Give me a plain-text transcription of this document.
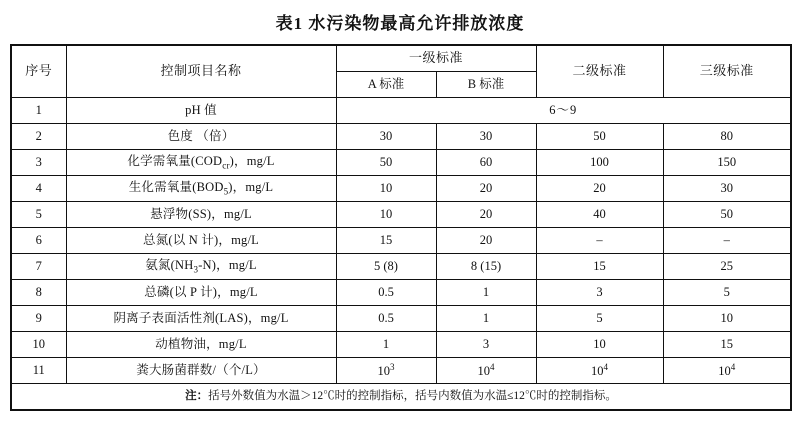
表1 水污染物最高允许排放浓度
序号	控制项目名称	一级标准		二级标准	三级标准
		A 标准	B 标准		
1	pH 值	6～9			
2	色度 （倍）	30	30	50	80
3	化学需氧量$(COD_{cr})$，mg/L	50	60	100	150
4	生化需氧量$(BOD_5)$，mg/L	10	20	20	30
5	悬浮物(SS)，mg/L	10	20	40	50
6	总氮(以 N 计)，mg/L	15	20	–	–
7	氨氮$(NH_3-N)$，mg/L	5 (8)	8 (15)	15	25
8	总磷(以 P 计)，mg/L	0.5	1	3	5
9	阴离子表面活性剂(LAS)，mg/L	0.5	1	5	10
10	动植物油，mg/L	1	3	10	15
11	粪大肠菌群数/（个/L）	$10^3$	$10^4$	$10^4$	$10^4$
注：括号外数值为水温＞12℃时的控制指标，括号内数值为水温≤12℃时的控制指标。					
